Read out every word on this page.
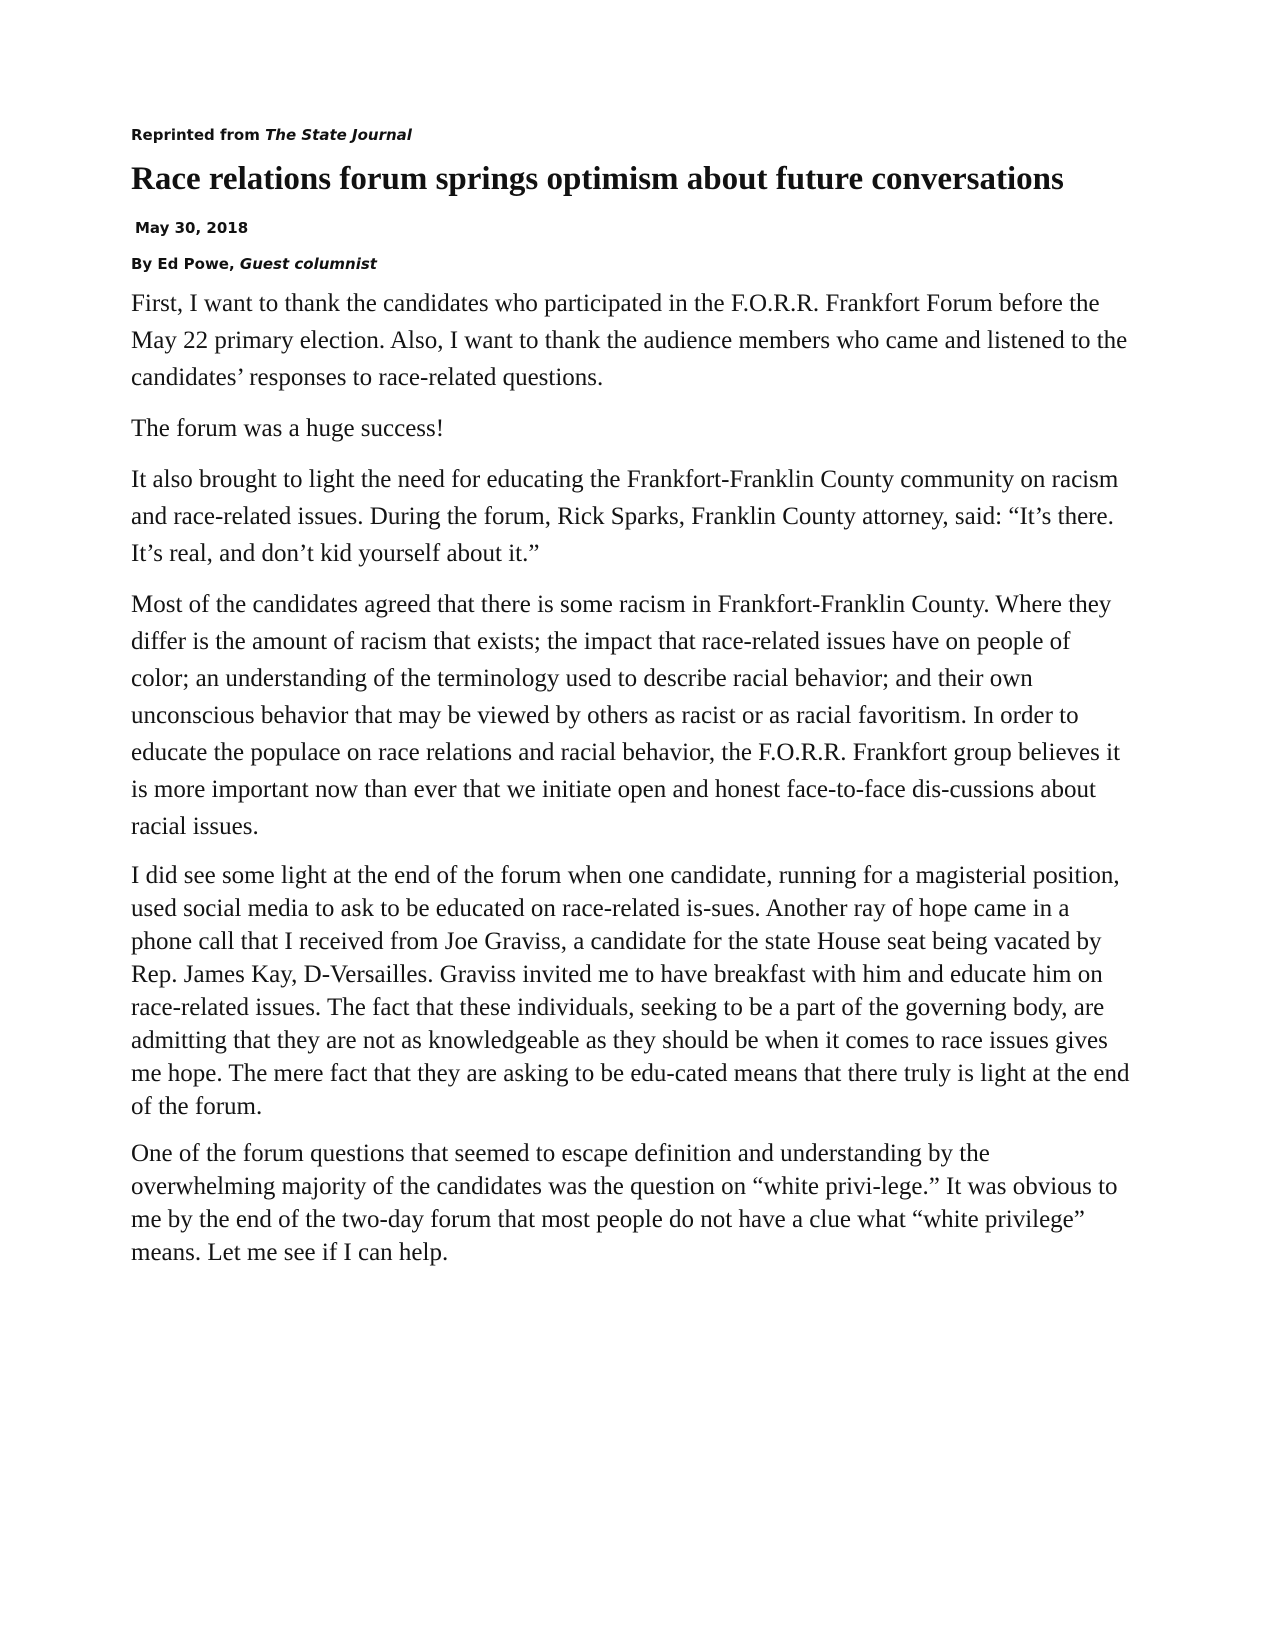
Reprinted from The State Journal
Race relations forum springs optimism about future conversations
May 30, 2018
By Ed Powe, Guest columnist

First, I want to thank the candidates who participated in the F.O.R.R. Frankfort Forum before the May 22 primary election. Also, I want to thank the audience members who came and listened to the candidates’ responses to race-related questions.

The forum was a huge success!

It also brought to light the need for educating the Frankfort-Franklin County community on racism and race-related issues. During the forum, Rick Sparks, Franklin County attorney, said: “It’s there. It’s real, and don’t kid yourself about it.”

Most of the candidates agreed that there is some racism in Frankfort-Franklin County. Where they differ is the amount of racism that exists; the impact that race-related issues have on people of color; an understanding of the terminology used to describe racial behavior; and their own unconscious behavior that may be viewed by others as racist or as racial favoritism. In order to educate the populace on race relations and racial behavior, the F.O.R.R. Frankfort group believes it is more important now than ever that we initiate open and honest face-to-face dis-cussions about racial issues.

I did see some light at the end of the forum when one candidate, running for a magisterial position, used social media to ask to be educated on race-related is-sues. Another ray of hope came in a phone call that I received from Joe Graviss, a candidate for the state House seat being vacated by Rep. James Kay, D-Versailles. Graviss invited me to have breakfast with him and educate him on race-related issues. The fact that these individuals, seeking to be a part of the governing body, are admitting that they are not as knowledgeable as they should be when it comes to race issues gives me hope. The mere fact that they are asking to be edu-cated means that there truly is light at the end of the forum.

One of the forum questions that seemed to escape definition and understanding by the overwhelming majority of the candidates was the question on “white privi-lege.” It was obvious to me by the end of the two-day forum that most people do not have a clue what “white privilege” means. Let me see if I can help.
